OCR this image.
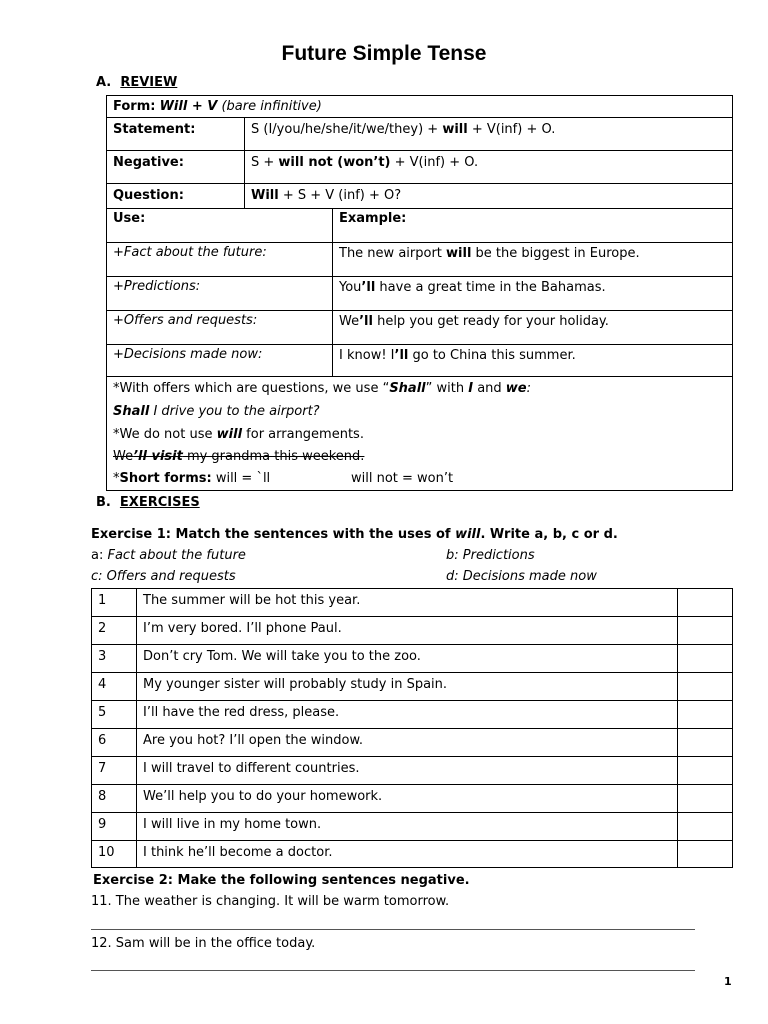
Future Simple Tense
A. REVIEW
Form: Will + V (bare infinitive)
Statement:	S (I/you/he/she/it/we/they) + will + V(inf) + O.
Negative:	S + will not (won’t) + V(inf) + O.
Question:	Will + S + V (inf) + O?
Use:	Example:
+Fact about the future:	The new airport will be the biggest in Europe.
+Predictions:	You’ll have a great time in the Bahamas.
+Offers and requests:	We’ll help you get ready for your holiday.
+Decisions made now:	I know! I’ll go to China this summer.
*With offers which are questions, we use “Shall” with I and we:
Shall I drive you to the airport?
*We do not use will for arrangements.
We’ll visit my grandma this weekend.
*Short forms: will = `ll	will not = won’t
B. EXERCISES
Exercise 1: Match the sentences with the uses of will. Write a, b, c or d.
a: Fact about the future	b: Predictions
c: Offers and requests	d: Decisions made now
1	The summer will be hot this year.
2	I’m very bored. I’ll phone Paul.
3	Don’t cry Tom. We will take you to the zoo.
4	My younger sister will probably study in Spain.
5	I’ll have the red dress, please.
6	Are you hot? I’ll open the window.
7	I will travel to different countries.
8	We’ll help you to do your homework.
9	I will live in my home town.
10 I think he’ll become a doctor.
Exercise 2: Make the following sentences negative.
11. The weather is changing. It will be warm tomorrow.
12. Sam will be in the office today.
1
